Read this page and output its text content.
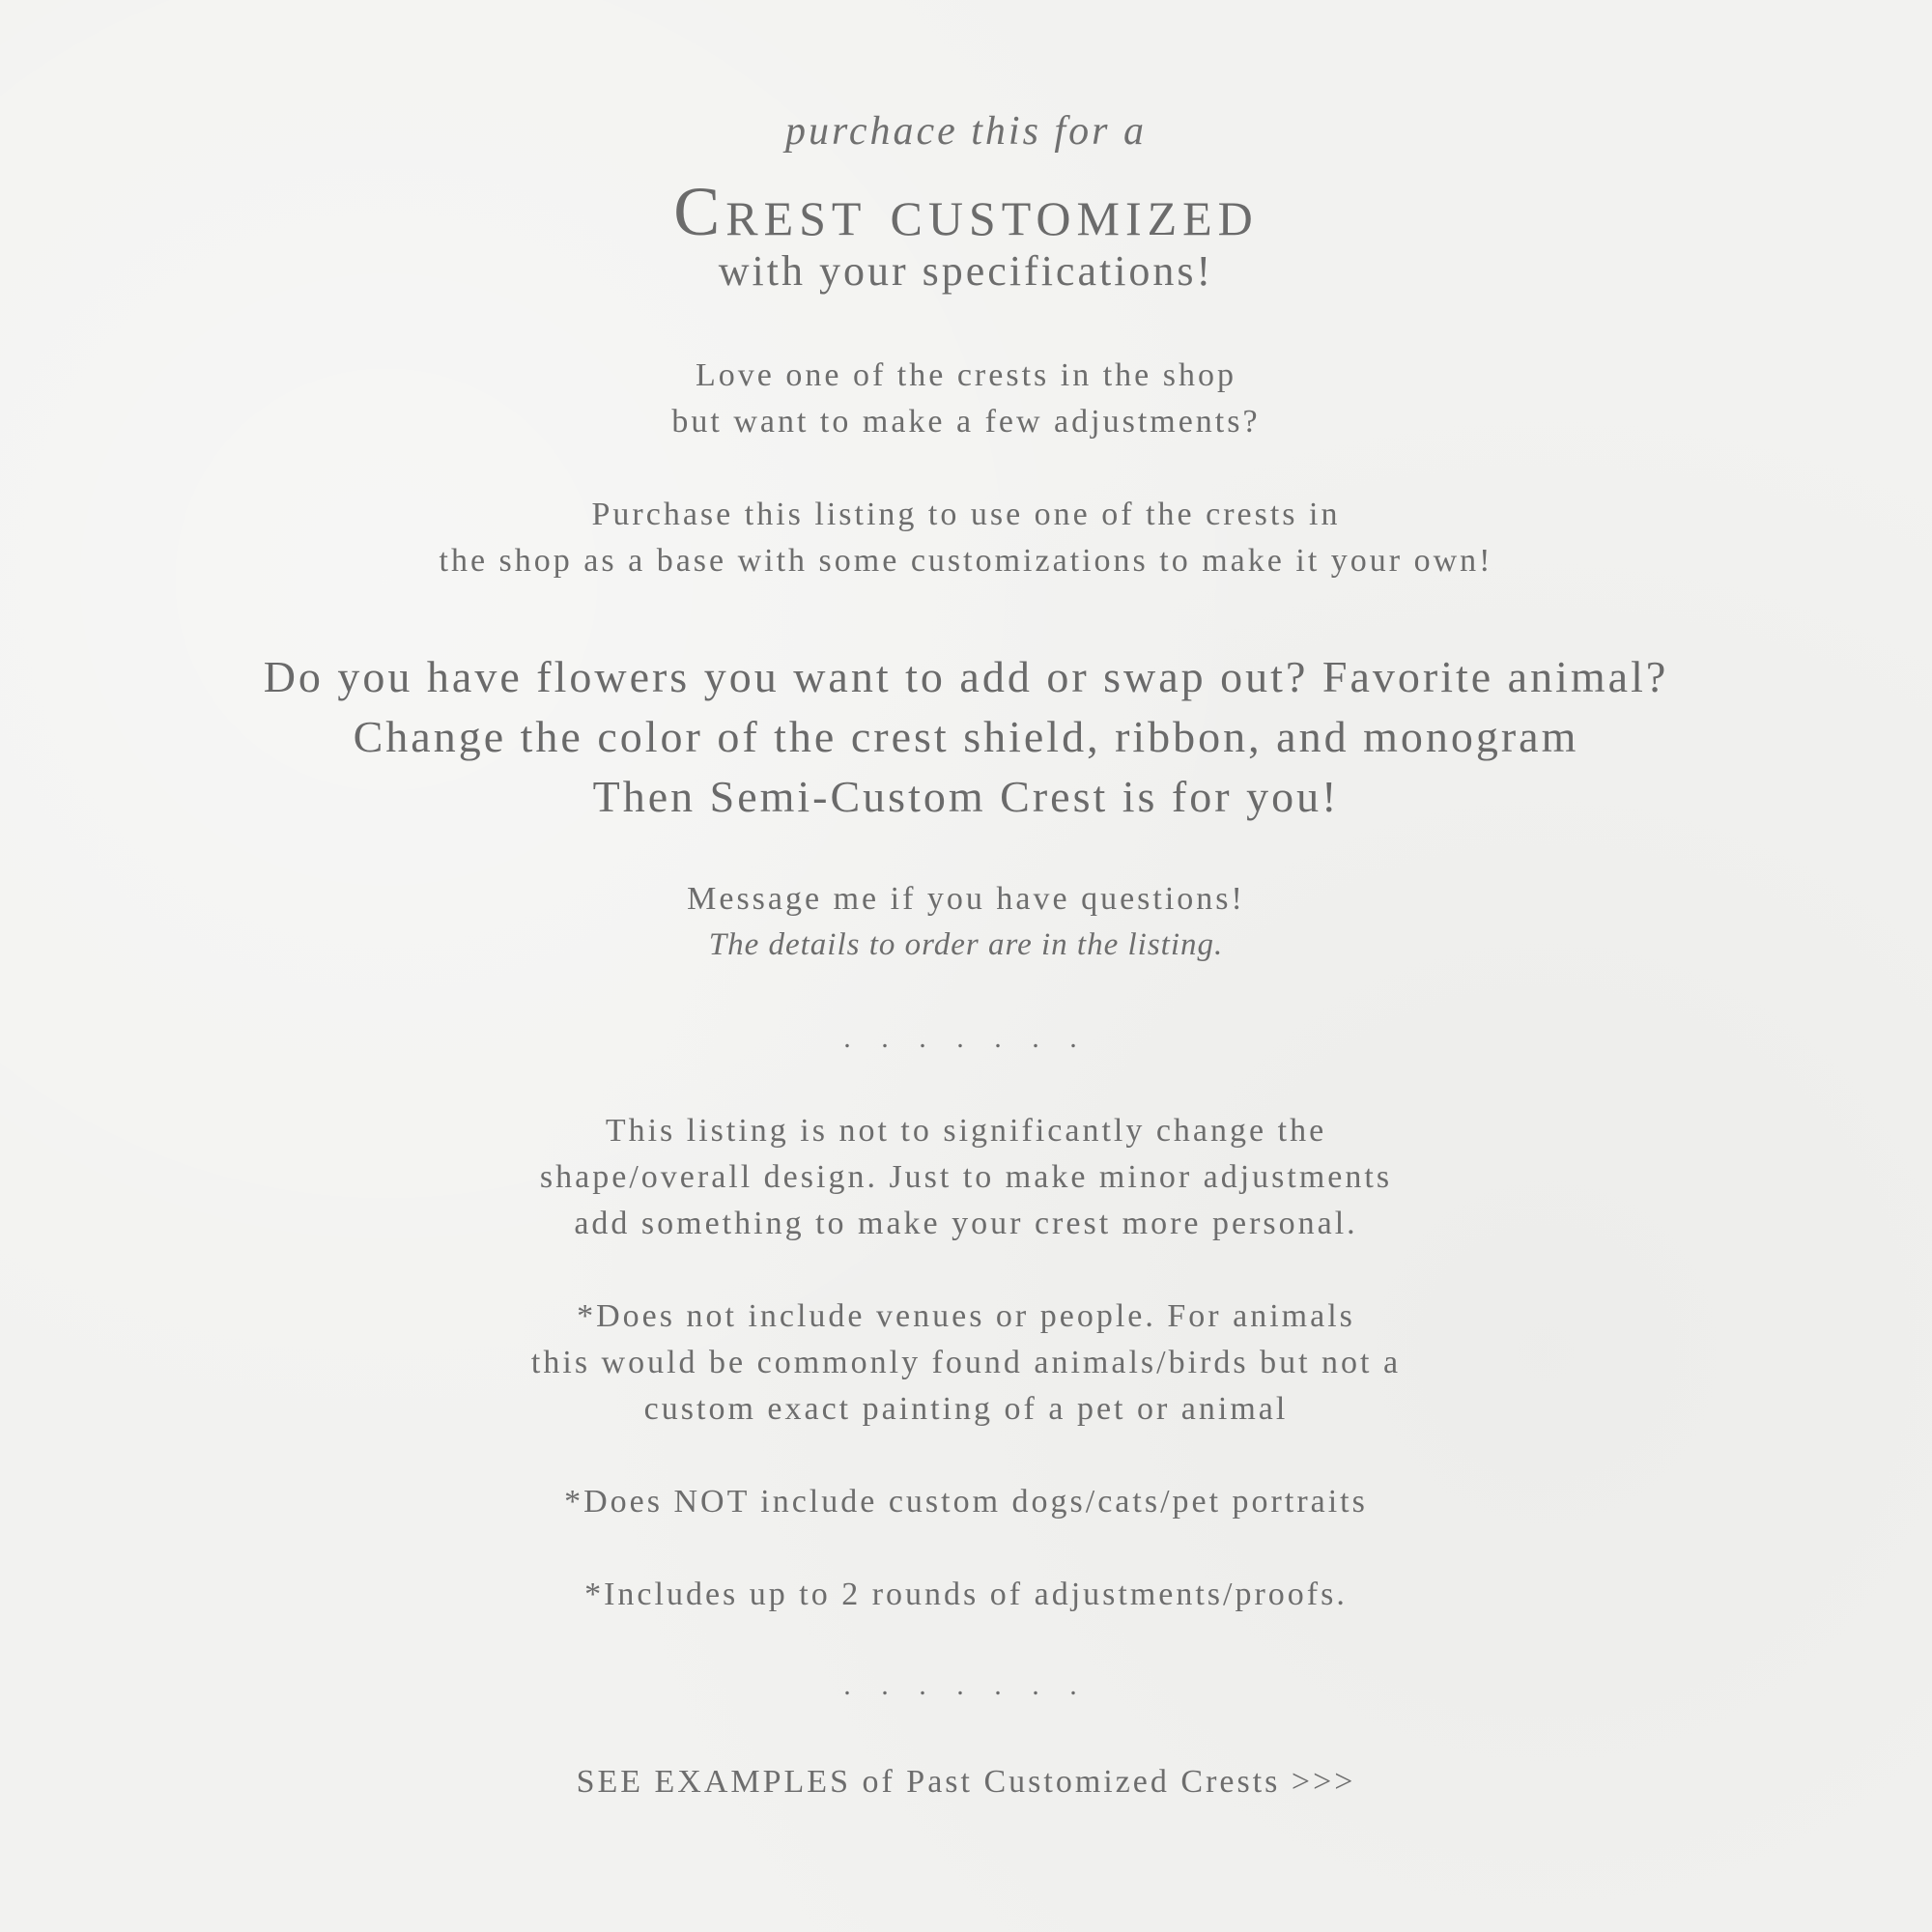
purchace this for a
Crest customized
with your specifications!
Love one of the crests in the shop
but want to make a few adjustments?
Purchase this listing to use one of the crests in
the shop as a base with some customizations to make it your own!
Do you have flowers you want to add or swap out? Favorite animal?
Change the color of the crest shield, ribbon, and monogram
Then Semi-Custom Crest is for you!
Message me if you have questions!
The details to order are in the listing.
. . . . . . .
This listing is not to significantly change the
shape/overall design. Just to make minor adjustments
add something to make your crest more personal.
*Does not include venues or people. For animals
this would be commonly found animals/birds but not a
custom exact painting of a pet or animal
*Does NOT include custom dogs/cats/pet portraits
*Includes up to 2 rounds of adjustments/proofs.
. . . . . . .
SEE EXAMPLES of Past Customized Crests >>>
